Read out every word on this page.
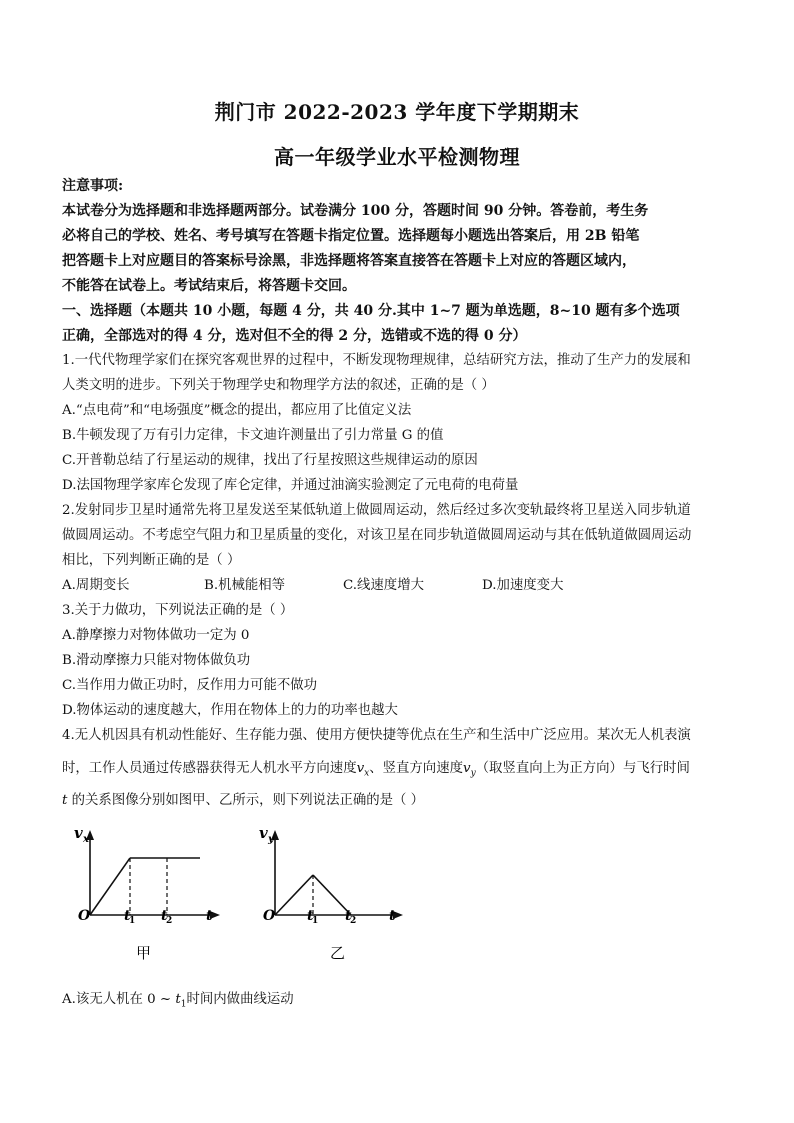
荆门市 2022-2023 学年度下学期期末
高一年级学业水平检测物理
注意事项:
本试卷分为选择题和非选择题两部分。试卷满分 100 分，答题时间 90 分钟。答卷前，考生务
必将自己的学校、姓名、考号填写在答题卡指定位置。选择题每小题选出答案后，用 2B 铅笔
把答题卡上对应题目的答案标号涂黑，非选择题将答案直接答在答题卡上对应的答题区域内，
不能答在试卷上。考试结束后，将答题卡交回。
一、选择题（本题共 10 小题，每题 4 分，共 40 分.其中 1~7 题为单选题，8~10 题有多个选项
正确，全部选对的得 4 分，选对但不全的得 2 分，选错或不选的得 0 分）
1.一代代物理学家们在探究客观世界的过程中，不断发现物理规律，总结研究方法，推动了生产力的发展和
人类文明的进步。下列关于物理学史和物理学方法的叙述，正确的是（ ）
A.“点电荷”和“电场强度”概念的提出，都应用了比值定义法
B.牛顿发现了万有引力定律，卡文迪许测量出了引力常量 G 的值
C.开普勒总结了行星运动的规律，找出了行星按照这些规律运动的原因
D.法国物理学家库仑发现了库仑定律，并通过油滴实验测定了元电荷的电荷量
2.发射同步卫星时通常先将卫星发送至某低轨道上做圆周运动，然后经过多次变轨最终将卫星送入同步轨道
做圆周运动。不考虑空气阻力和卫星质量的变化，对该卫星在同步轨道做圆周运动与其在低轨道做圆周运动
相比，下列判断正确的是（ ）
A.周期变长	B.机械能相等	C.线速度增大	D.加速度变大
3.关于力做功，下列说法正确的是（ ）
A.静摩擦力对物体做功一定为 0
B.滑动摩擦力只能对物体做负功
C.当作用力做正功时，反作用力可能不做功
D.物体运动的速度越大，作用在物体上的力的功率也越大
4.无人机因具有机动性能好、生存能力强、使用方便快捷等优点在生产和生活中广泛应用。某次无人机表演
时，工作人员通过传感器获得无人机水平方向速度$v_x$、竖直方向速度$v_y$（取竖直向上为正方向）与飞行时间
t 的关系图像分别如图甲、乙所示，则下列说法正确的是（ ）
v x
O t
1 t
2 t
甲
v y
O t
1 t
2 t
乙
A.该无人机在 0 ~ $t_1$时间内做曲线运动
